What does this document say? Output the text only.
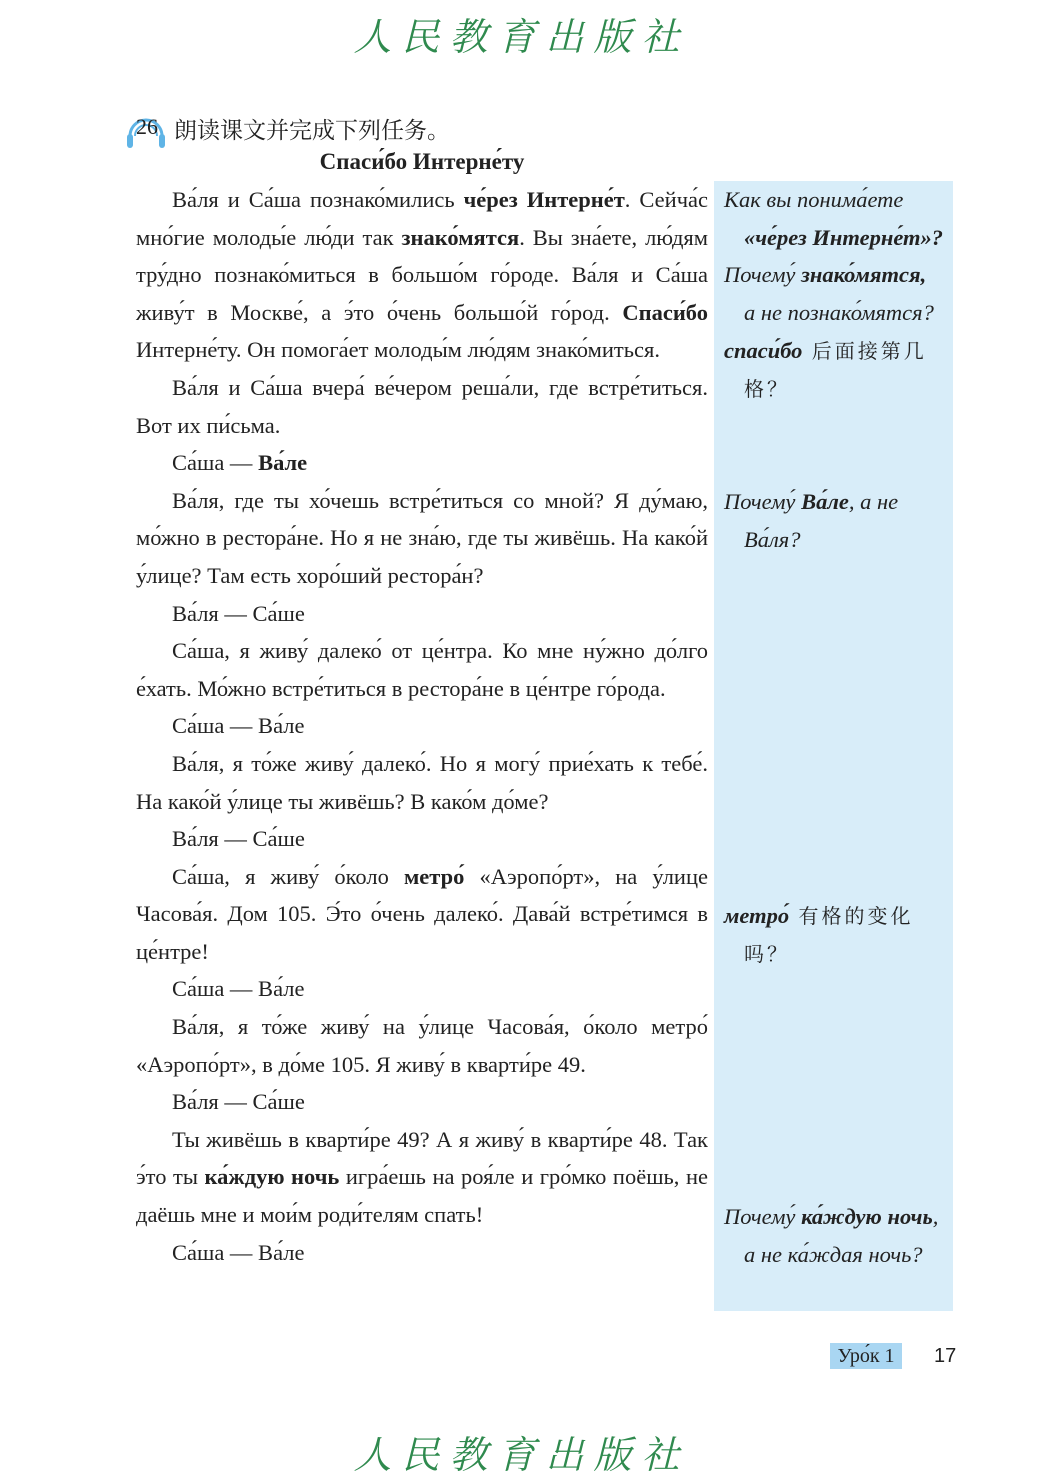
人民教育出版社
26 朗读课文并完成下列任务。
Спаси́бо Интерне́ту

Ва́ля и Са́ша познако́мились че́рез Интерне́т. Сейча́с мно́гие молоды́е лю́ди так знако́мятся. Вы зна́ете, лю́дям тру́дно познако́миться в большо́м го́роде. Ва́ля и Са́ша живу́т в Москве́, а э́то о́чень большо́й го́род. Спаси́бо Интерне́ту. Он помога́ет молоды́м лю́дям знако́миться.

Ва́ля и Са́ша вчера́ ве́чером реша́ли, где встре́титься. Вот их пи́сьма.

Са́ша — Ва́ле

Ва́ля, где ты хо́чешь встре́титься со мной? Я ду́маю, мо́жно в рестора́не. Но я не зна́ю, где ты живёшь. На како́й у́лице? Там есть хоро́ший рестора́н?

Ва́ля — Са́ше

Са́ша, я живу́ далеко́ от це́нтра. Ко мне ну́жно до́лго е́хать. Мо́жно встре́титься в рестора́не в це́нтре го́рода.

Са́ша — Ва́ле

Ва́ля, я то́же живу́ далеко́. Но я могу́ прие́хать к тебе́. На како́й у́лице ты живёшь? В како́м до́ме?

Ва́ля — Са́ше

Са́ша, я живу́ о́коло метро́ «Аэропо́рт», на у́лице Часова́я. Дом 105. Э́то о́чень далеко́. Дава́й встре́тимся в це́нтре!

Са́ша — Ва́ле

Ва́ля, я то́же живу́ на у́лице Часова́я, о́коло метро́ «Аэропо́рт», в до́ме 105. Я живу́ в кварти́ре 49.

Ва́ля — Са́ше

Ты живёшь в кварти́ре 49? А я живу́ в кварти́ре 48. Так э́то ты ка́ждую ночь игра́ешь на роя́ле и гро́мко поёшь, не даёшь мне и мои́м роди́телям спать!

Са́ша — Ва́ле

Как вы понима́ете
«че́рез Интерне́т»?
Почему́ знако́мятся,
а не познако́мятся?
спаси́бо 后面接第几
格？
Почему́ Ва́ле, а не
Ва́ля?
метро́ 有格的变化
吗？
Почему́ ка́ждую ночь,
а не ка́ждая ночь?
Уро́к 1	17
人民教育出版社
